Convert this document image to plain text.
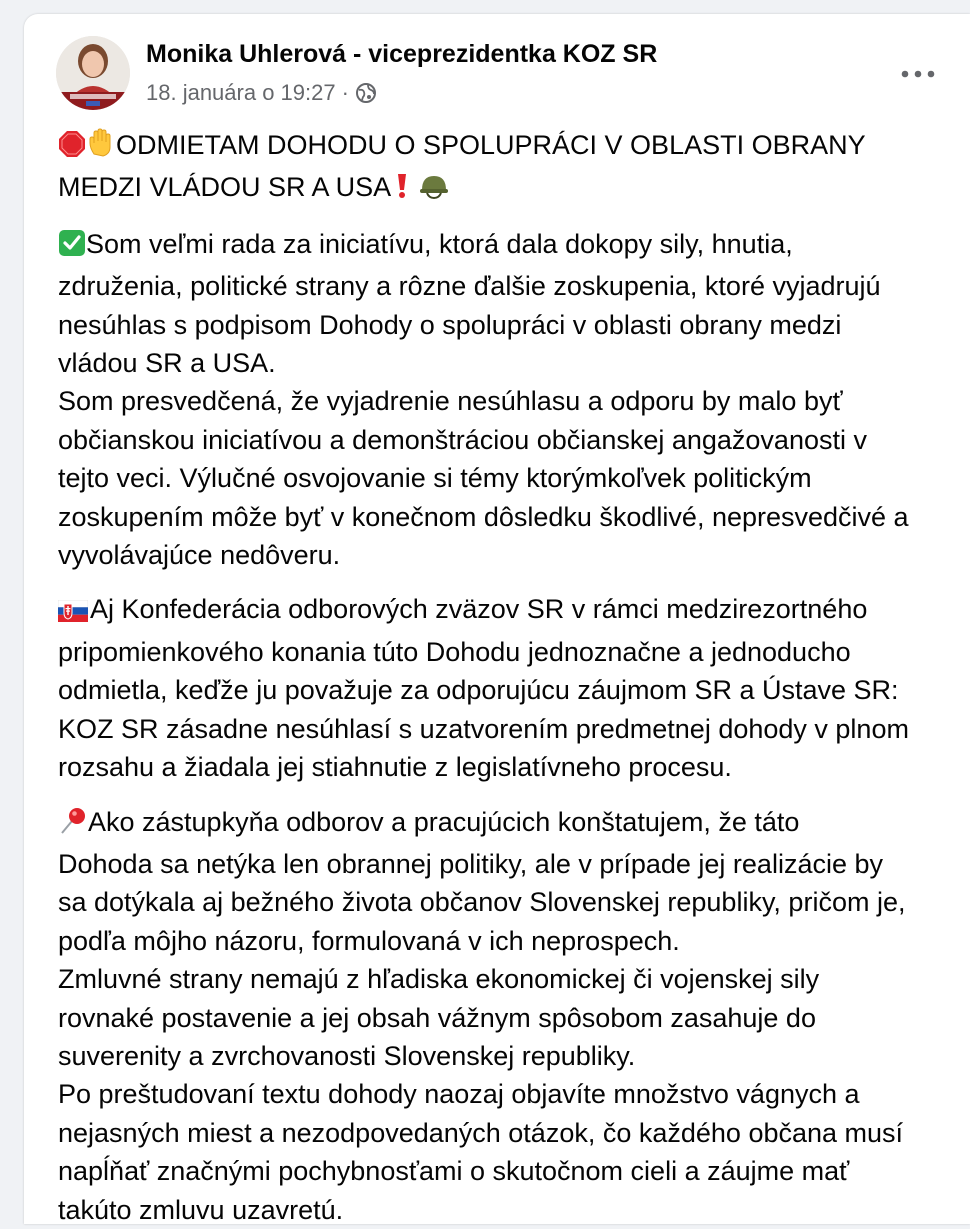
Monika Uhlerová - viceprezidentka KOZ SR
18. januára o 19:27 ·
ODMIETAM DOHODU O SPOLUPRÁCI V OBLASTI OBRANY
MEDZI VLÁDOU SR A USA
Som veľmi rada za iniciatívu, ktorá dala dokopy sily, hnutia,
združenia, politické strany a rôzne ďalšie zoskupenia, ktoré vyjadrujú
nesúhlas s podpisom Dohody o spolupráci v oblasti obrany medzi
vládou SR a USA.
Som presvedčená, že vyjadrenie nesúhlasu a odporu by malo byť
občianskou iniciatívou a demonštráciou občianskej angažovanosti v
tejto veci. Výlučné osvojovanie si témy ktorýmkoľvek politickým
zoskupením môže byť v konečnom dôsledku škodlivé, nepresvedčivé a
vyvolávajúce nedôveru.
Aj Konfederácia odborových zväzov SR v rámci medzirezortného
pripomienkového konania túto Dohodu jednoznačne a jednoducho
odmietla, keďže ju považuje za odporujúcu záujmom SR a Ústave SR:
KOZ SR zásadne nesúhlasí s uzatvorením predmetnej dohody v plnom
rozsahu a žiadala jej stiahnutie z legislatívneho procesu.
Ako zástupkyňa odborov a pracujúcich konštatujem, že táto
Dohoda sa netýka len obrannej politiky, ale v prípade jej realizácie by
sa dotýkala aj bežného života občanov Slovenskej republiky, pričom je,
podľa môjho názoru, formulovaná v ich neprospech.
Zmluvné strany nemajú z hľadiska ekonomickej či vojenskej sily
rovnaké postavenie a jej obsah vážnym spôsobom zasahuje do
suverenity a zvrchovanosti Slovenskej republiky.
Po preštudovaní textu dohody naozaj objavíte množstvo vágnych a
nejasných miest a nezodpovedaných otázok, čo každého občana musí
napĺňať značnými pochybnosťami o skutočnom cieli a záujme mať
takúto zmluvu uzavretú.
